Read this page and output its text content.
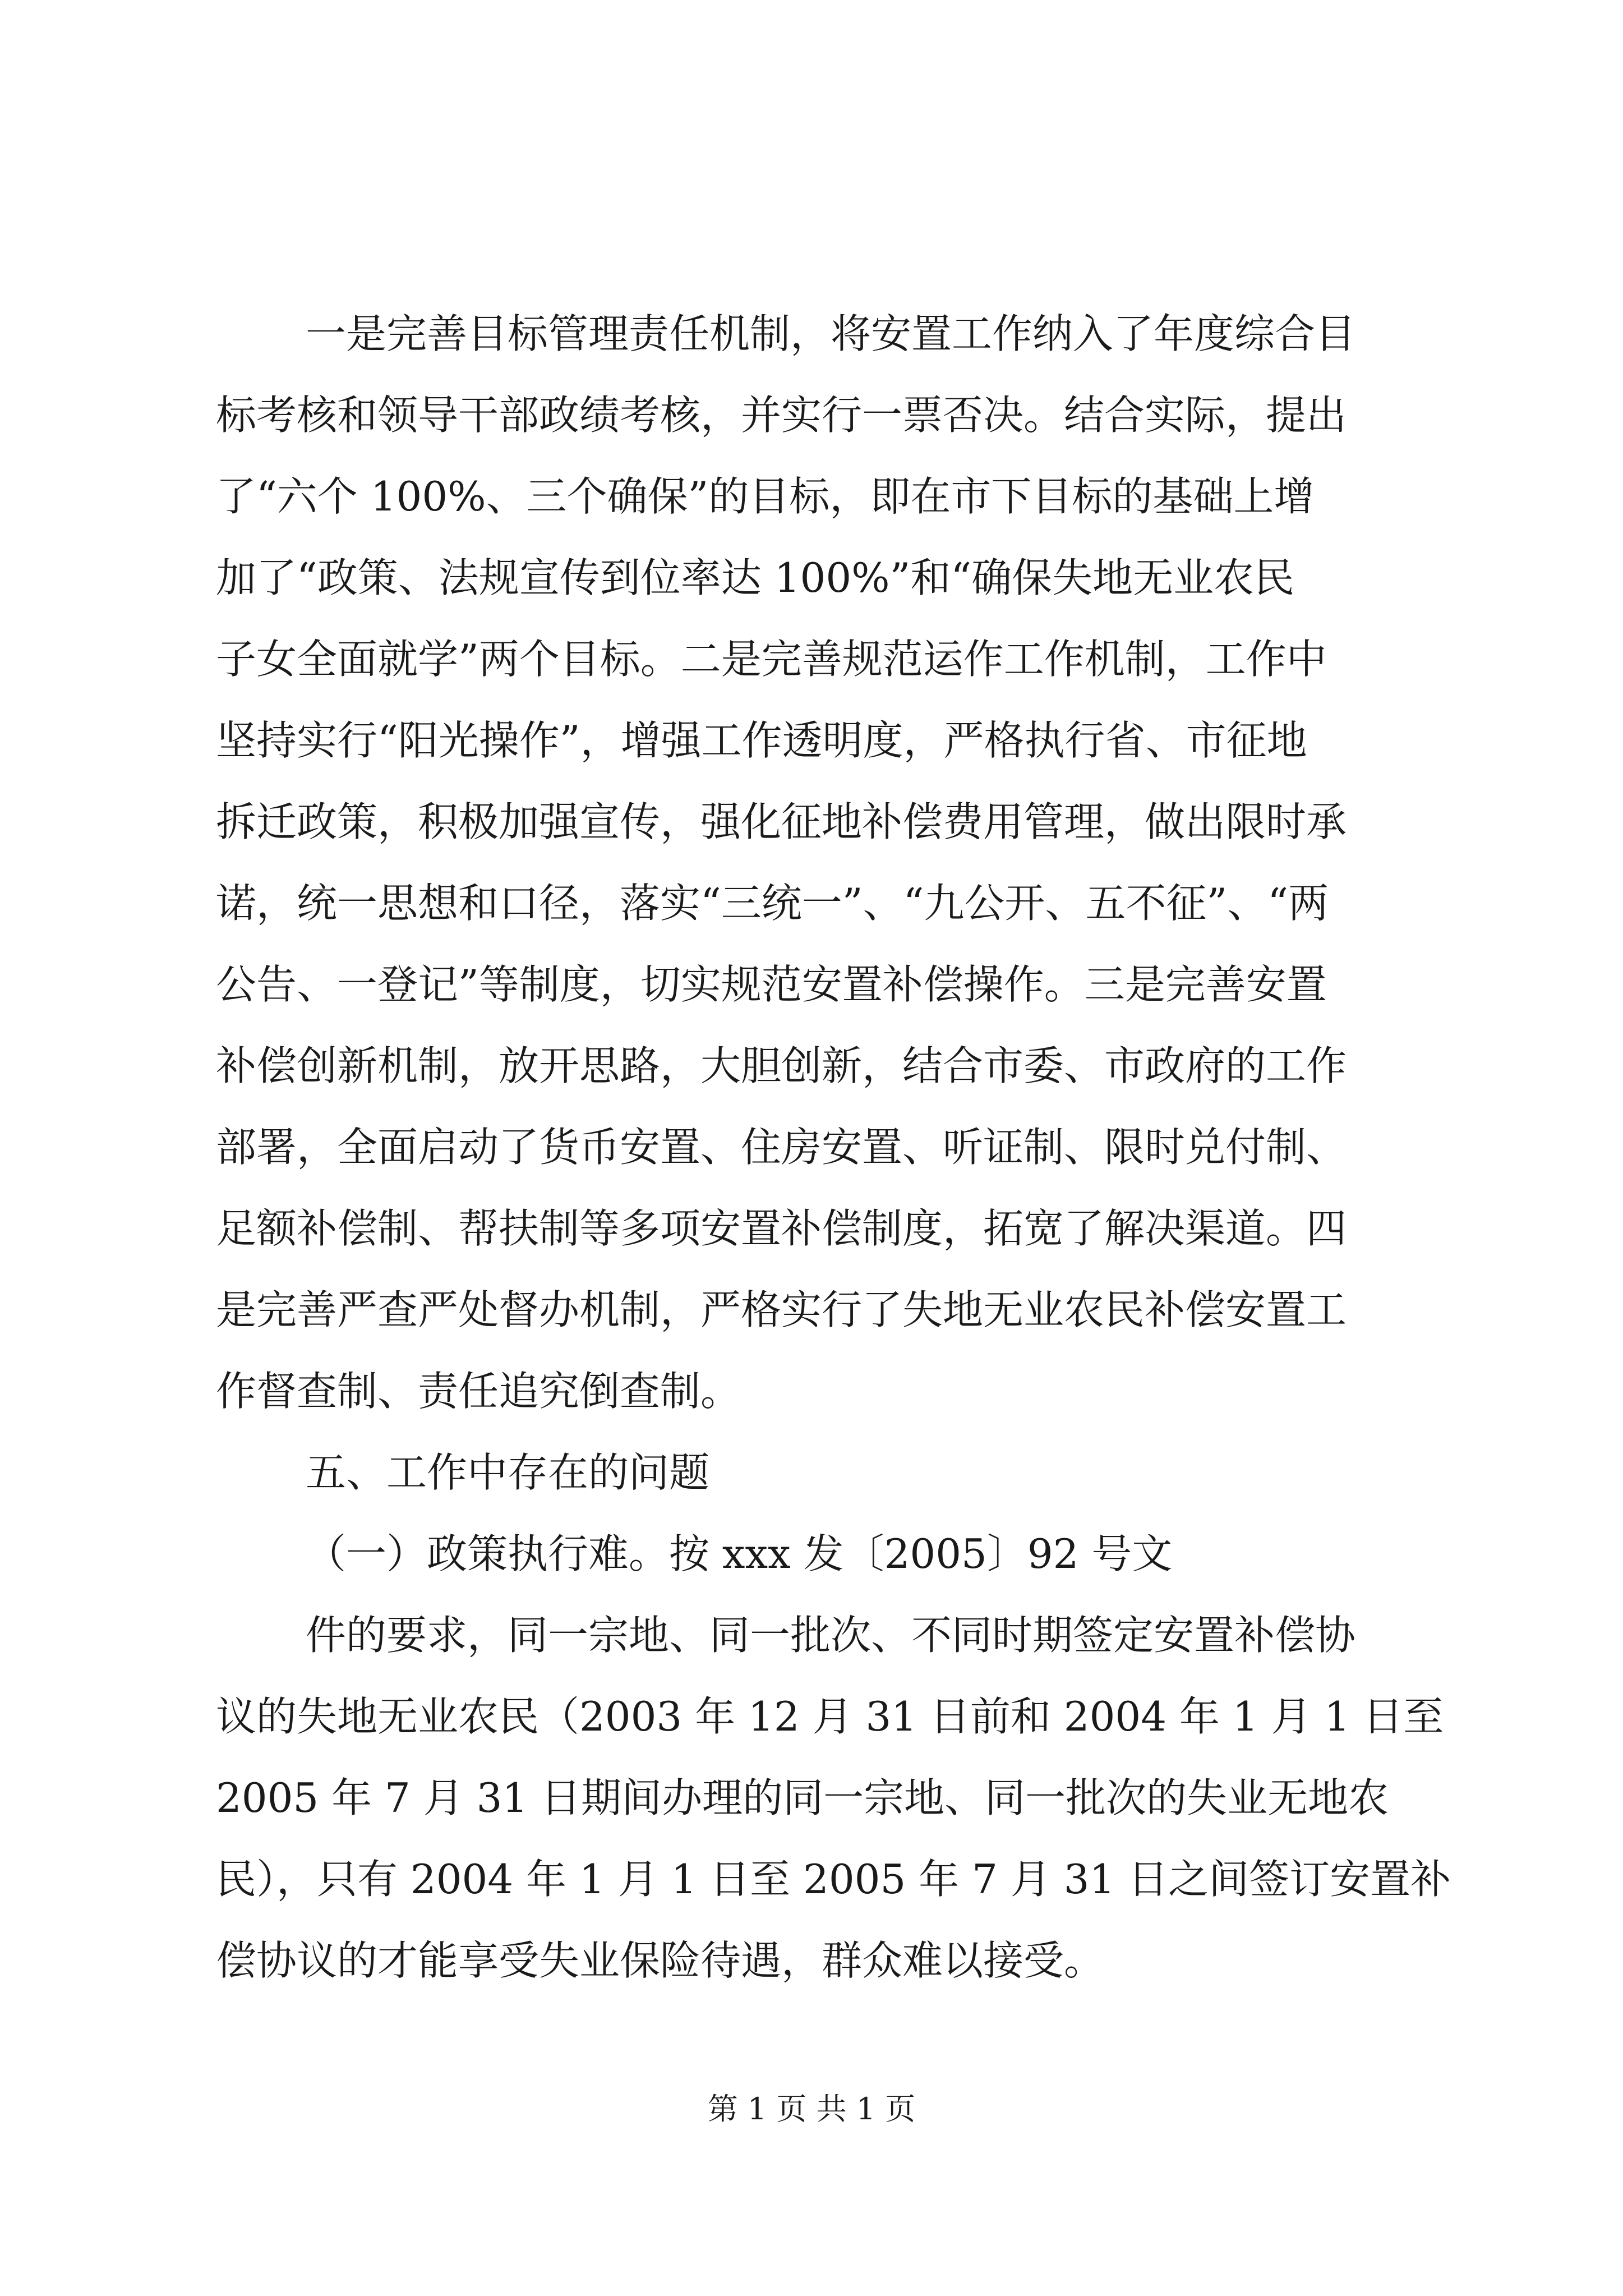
一是完善目标管理责任机制，将安置工作纳入了年度综合目
标考核和领导干部政绩考核，并实行一票否决。结合实际，提出
了“六个 100%、三个确保”的目标，即在市下目标的基础上增
加了“政策、法规宣传到位率达 100%”和“确保失地无业农民
子女全面就学”两个目标。二是完善规范运作工作机制，工作中
坚持实行“阳光操作”，增强工作透明度，严格执行省、市征地
拆迁政策，积极加强宣传，强化征地补偿费用管理，做出限时承
诺，统一思想和口径，落实“三统一”、“九公开、五不征”、“两
公告、一登记”等制度，切实规范安置补偿操作。三是完善安置
补偿创新机制，放开思路，大胆创新，结合市委、市政府的工作
部署，全面启动了货币安置、住房安置、听证制、限时兑付制、
足额补偿制、帮扶制等多项安置补偿制度，拓宽了解决渠道。四
是完善严查严处督办机制，严格实行了失地无业农民补偿安置工
作督查制、责任追究倒查制。
五、工作中存在的问题
（一）政策执行难。按 xxx 发〔2005〕92 号文
件的要求，同一宗地、同一批次、不同时期签定安置补偿协
议的失地无业农民（2003 年 12 月 31 日前和 2004 年 1 月 1 日至
2005 年 7 月 31 日期间办理的同一宗地、同一批次的失业无地农
民），只有 2004 年 1 月 1 日至 2005 年 7 月 31 日之间签订安置补
偿协议的才能享受失业保险待遇，群众难以接受。
第 1 页 共 1 页
